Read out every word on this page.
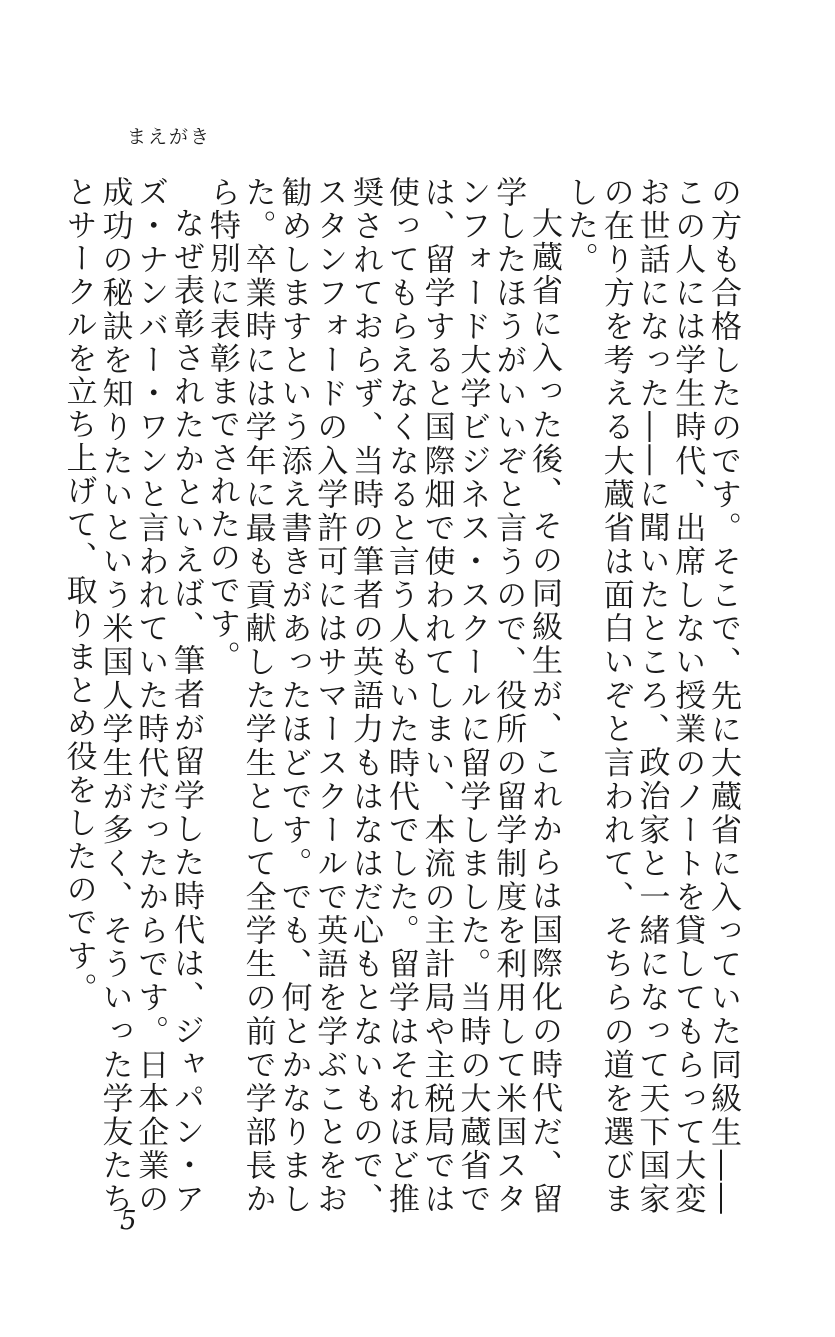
まえがき

の方も合格したのです。そこで、先に大蔵省に入っていた同級生――この人には学生時代、出席しない授業のノートを貸してもらって大変お世話になった――に聞いたところ、政治家と一緒になって天下国家の在り方を考える大蔵省は面白いぞと言われて、そちらの道を選びました。

大蔵省に入った後、その同級生が、これからは国際化の時代だ、留学したほうがいいぞと言うので、役所の留学制度を利用して米国スタンフォード大学ビジネス・スクールに留学しました。当時の大蔵省では、留学すると国際畑で使われてしまい、本流の主計局や主税局では使ってもらえなくなると言う人もいた時代でした。留学はそれほど推奨されておらず、当時の筆者の英語力もはなはだ心もとないもので、スタンフォードの入学許可にはサマースクールで英語を学ぶことをお勧めしますという添え書きがあったほどです。でも、何とかなりました。卒業時には学年に最も貢献した学生として全学生の前で学部長から特別に表彰までされたのです。

なぜ表彰されたかといえば、筆者が留学した時代は、ジャパン・アズ・ナンバー・ワンと言われていた時代だったからです。日本企業の成功の秘訣を知りたいという米国人学生が多く、そういった学友たちとサークルを立ち上げて、取りまとめ役をしたのです。

5
